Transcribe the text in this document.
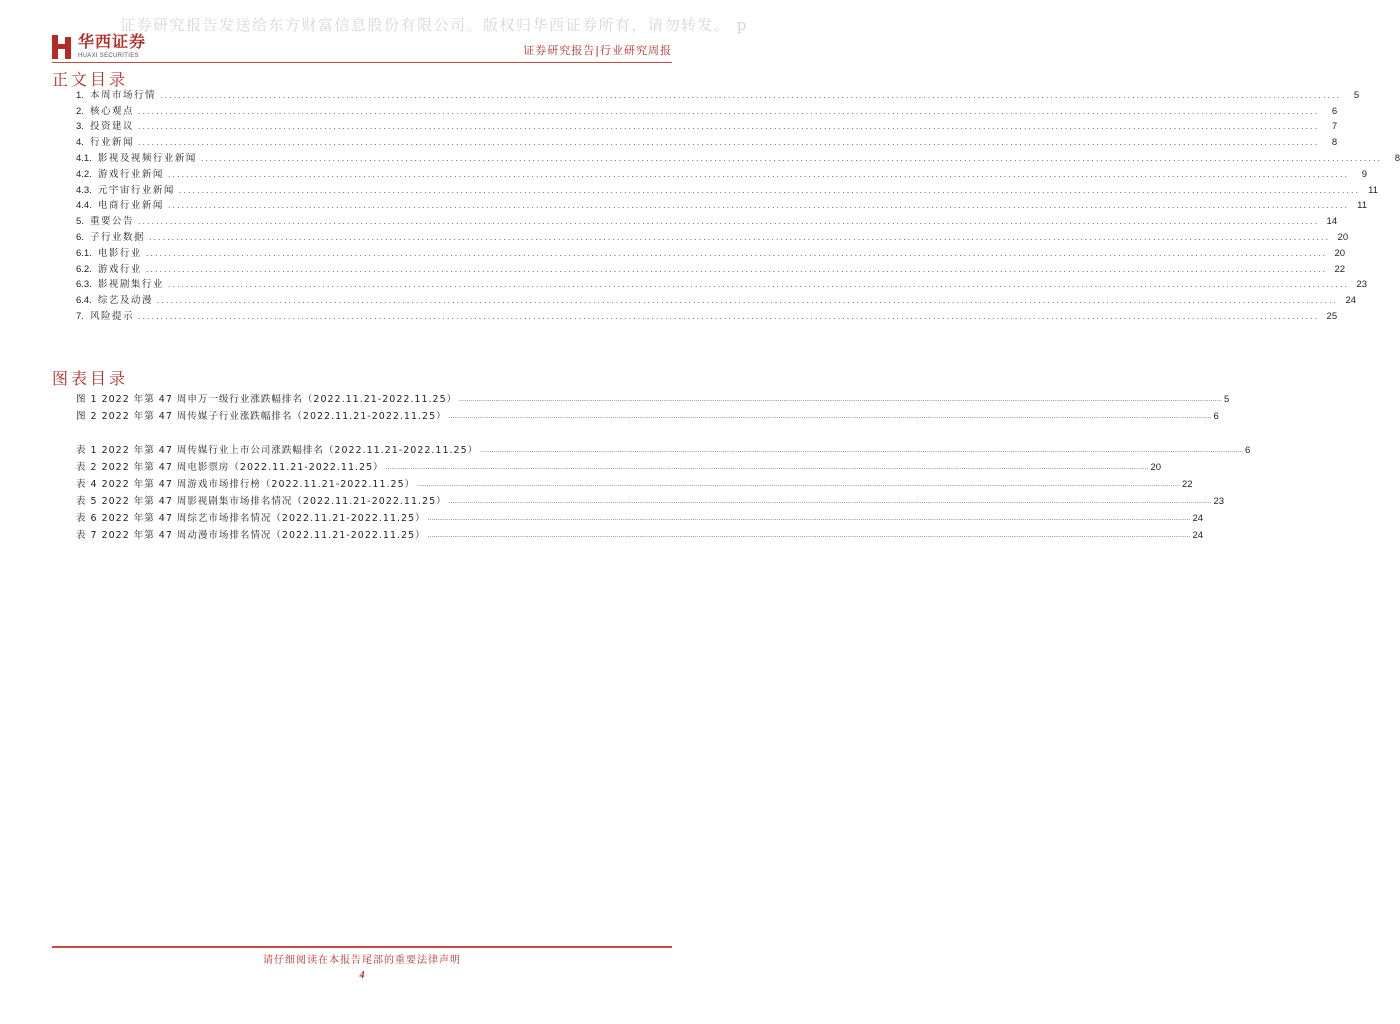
证券研究报告发送给东方财富信息股份有限公司。版权归华西证券所有，请勿转发。 p
华西证券
HUAXI SECURITIES	证券研究报告|行业研究周报
正文目录
1. 本周市场行情 ....................................................................................................................................................................................................................................................................	5
2. 核心观点 ....................................................................................................................................................................................................................................................................	6
3. 投资建议 ....................................................................................................................................................................................................................................................................	7
4. 行业新闻 ....................................................................................................................................................................................................................................................................	8
4.1. 影视及视频行业新闻 ....................................................................................................................................................................................................................................................................	8
4.2. 游戏行业新闻 ....................................................................................................................................................................................................................................................................	9
4.3. 元宇宙行业新闻 .................................................................................................................................................................................................................................................................... 11
4.4. 电商行业新闻 .................................................................................................................................................................................................................................................................... 11
5. 重要公告 .................................................................................................................................................................................................................................................................... 14
6. 子行业数据 .................................................................................................................................................................................................................................................................... 20
6.1. 电影行业 .................................................................................................................................................................................................................................................................... 20
6.2. 游戏行业 .................................................................................................................................................................................................................................................................... 22
6.3. 影视剧集行业 .................................................................................................................................................................................................................................................................... 23
6.4. 综艺及动漫 .................................................................................................................................................................................................................................................................... 24
7. 风险提示 .................................................................................................................................................................................................................................................................... 25
图表目录
图 1 2022 年第 47 周申万一级行业涨跌幅排名（2022.11.21-2022.11.25） ................................................................................................................................................................................................................................................................................................................................................................................................................ 5
图 2 2022 年第 47 周传媒子行业涨跌幅排名（2022.11.21-2022.11.25） ................................................................................................................................................................................................................................................................................................................................................................................................................ 6
表 1 2022 年第 47 周传媒行业上市公司涨跌幅排名（2022.11.21-2022.11.25） ................................................................................................................................................................................................................................................................................................................................................................................................................ 6
表 2 2022 年第 47 周电影票房（2022.11.21-2022.11.25） ................................................................................................................................................................................................................................................................................................................................................................................................................ 20
表 4 2022 年第 47 周游戏市场排行榜（2022.11.21-2022.11.25） ................................................................................................................................................................................................................................................................................................................................................................................................................ 22
表 5 2022 年第 47 周影视剧集市场排名情况（2022.11.21-2022.11.25） ................................................................................................................................................................................................................................................................................................................................................................................................................ 23
表 6 2022 年第 47 周综艺市场排名情况（2022.11.21-2022.11.25） ................................................................................................................................................................................................................................................................................................................................................................................................................ 24
表 7 2022 年第 47 周动漫市场排名情况（2022.11.21-2022.11.25） ................................................................................................................................................................................................................................................................................................................................................................................................................ 24
请仔细阅读在本报告尾部的重要法律声明
4
